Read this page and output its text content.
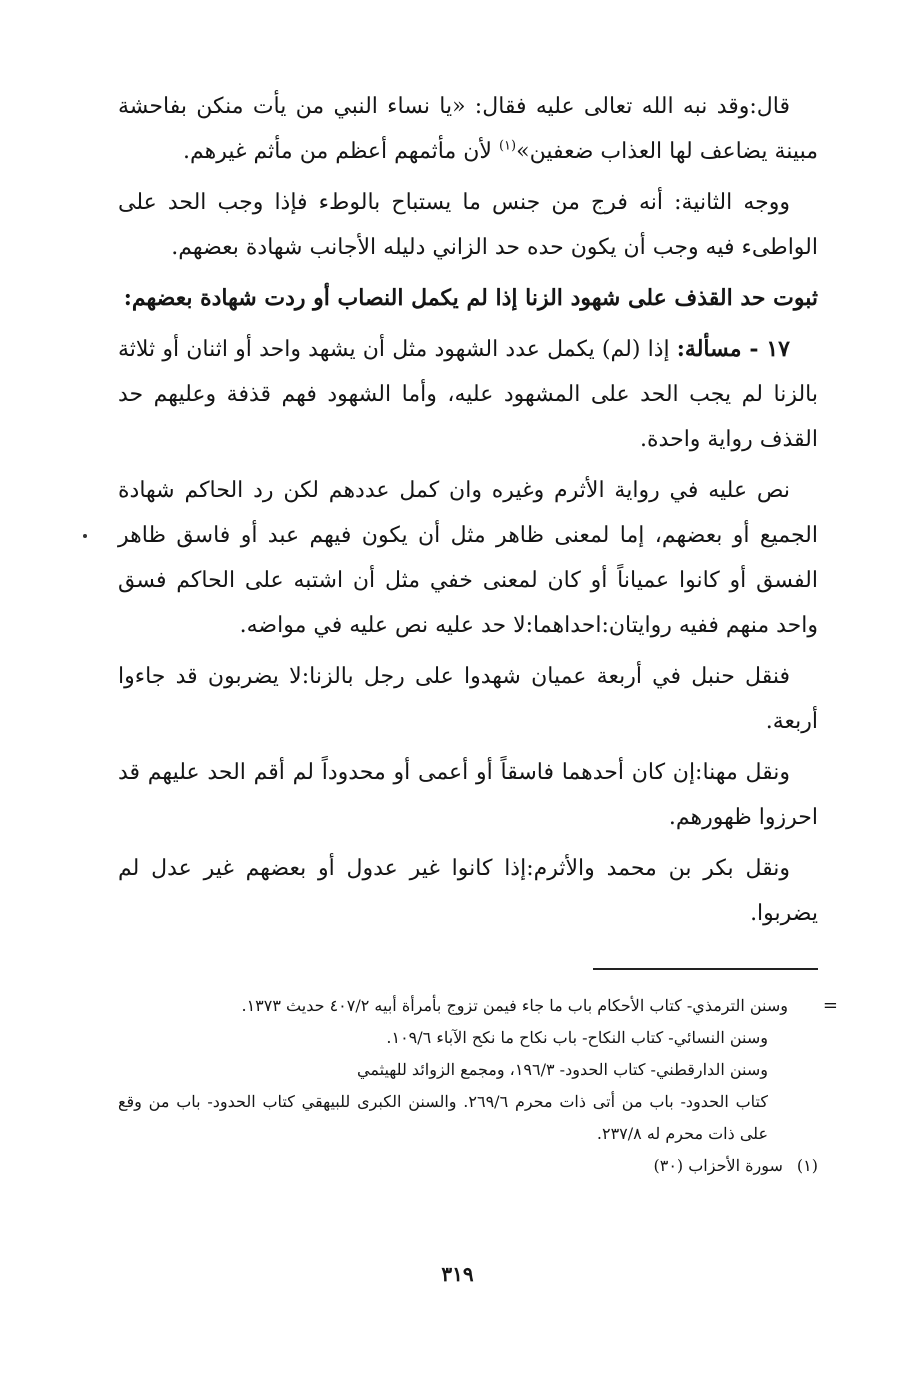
قال:وقد نبه الله تعالى عليه فقال: «يا نساء النبي من يأت منكن بفاحشة مبينة يضاعف لها العذاب ضعفين»$^{(١)}$ لأن مأثمهم أعظم من مأثم غيرهم.

ووجه الثانية: أنه فرج من جنس ما يستباح بالوطء فإذا وجب الحد على الواطىء فيه وجب أن يكون حده حد الزاني دليله الأجانب شهادة بعضهم.

ثبوت حد القذف على شهود الزنا إذا لم يكمل النصاب أو ردت شهادة بعضهم:

١٧ - مسألة: إذا (لم) يكمل عدد الشهود مثل أن يشهد واحد أو اثنان أو ثلاثة بالزنا لم يجب الحد على المشهود عليه، وأما الشهود فهم قذفة وعليهم حد القذف رواية واحدة.

نص عليه في رواية الأثرم وغيره وان كمل عددهم لكن رد الحاكم شهادة الجميع أو بعضهم، إما لمعنى ظاهر مثل أن يكون فيهم عبد أو فاسق ظاهر الفسق أو كانوا عمياناً أو كان لمعنى خفي مثل أن اشتبه على الحاكم فسق واحد منهم ففيه روايتان:احداهما:لا حد عليه نص عليه في مواضه.

فنقل حنبل في أربعة عميان شهدوا على رجل بالزنا:لا يضربون قد جاءوا أربعة.

ونقل مهنا:إن كان أحدهما فاسقاً أو أعمى أو محدوداً لم أقم الحد عليهم قد احرزوا ظهورهم.

ونقل بكر بن محمد والأثرم:إذا كانوا غير عدول أو بعضهم غير عدل لم يضربوا.

=

وسنن الترمذي- كتاب الأحكام باب ما جاء فيمن تزوج بأمرأة أبيه ٤٠٧/٢ حديث ١٣٧٣.

وسنن النسائي- كتاب النكاح- باب نكاح ما نكح الآباء ١٠٩/٦.

وسنن الدارقطني- كتاب الحدود- ١٩٦/٣، ومجمع الزوائد للهيثمي

كتاب الحدود- باب من أتى ذات محرم ٢٦٩/٦. والسنن الكبرى للبيهقي كتاب الحدود- باب من وقع على ذات محرم له ٢٣٧/٨.

(١)سورة الأحزاب (٣٠)

٣١٩
